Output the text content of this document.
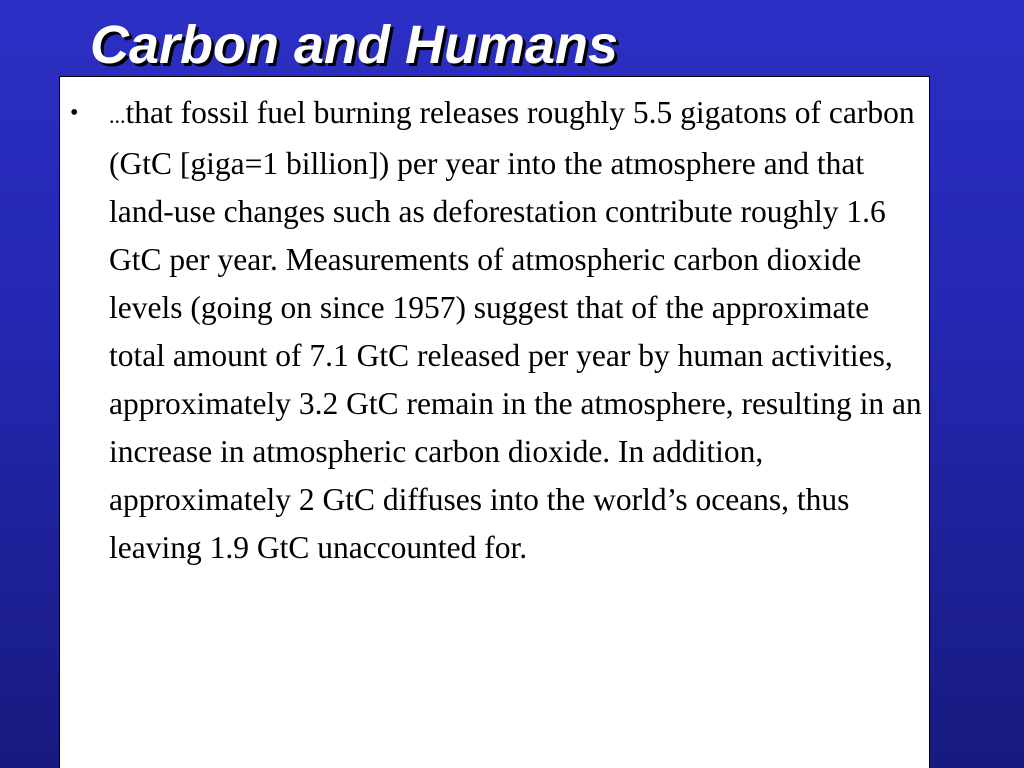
Carbon and Humans
• ...that fossil fuel burning releases roughly 5.5 gigatons of carbon (GtC [giga=1 billion]) per year into the atmosphere and that land-use changes such as deforestation contribute roughly 1.6 GtC per year. Measurements of atmospheric carbon dioxide levels (going on since 1957) suggest that of the approximate total amount of 7.1 GtC released per year by human activities, approximately 3.2 GtC remain in the atmosphere, resulting in an increase in atmospheric carbon dioxide. In addition, approximately 2 GtC diffuses into the world’s oceans, thus leaving 1.9 GtC unaccounted for.
